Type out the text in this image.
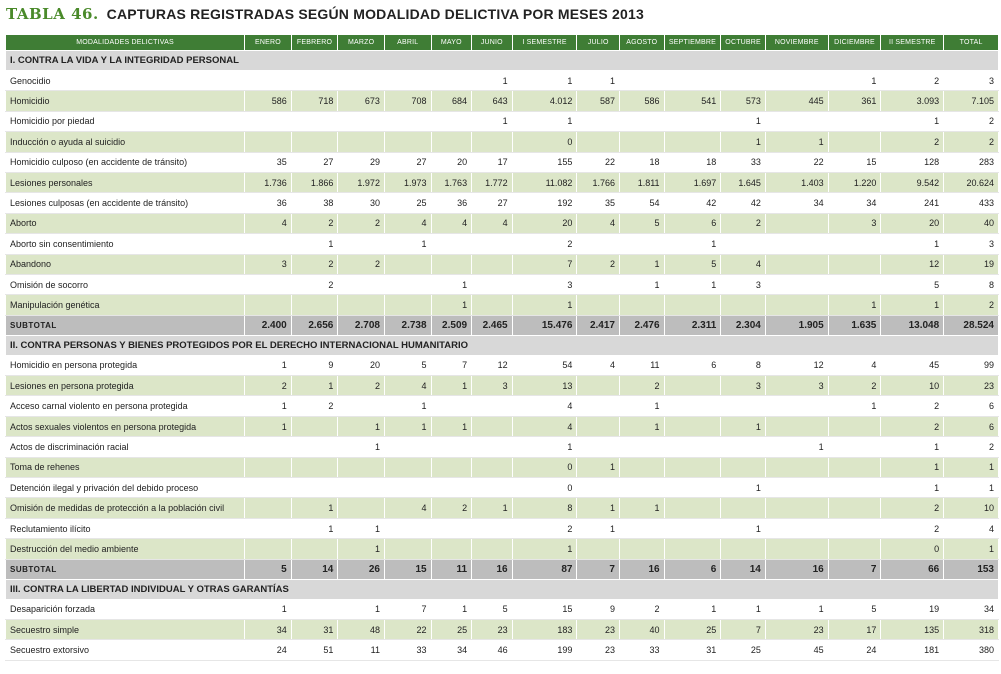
TABLA 46. CAPTURAS REGISTRADAS SEGÚN MODALIDAD DELICTIVA POR MESES 2013
MODALIDADES DELICTIVAS	ENERO	FEBRERO	MARZO	ABRIL	MAYO	JUNIO	I SEMESTRE	JULIO	AGOSTO	SEPTIEMBRE	OCTUBRE	NOVIEMBRE	DICIEMBRE	II SEMESTRE	TOTAL
I. CONTRA LA VIDA Y LA INTEGRIDAD PERSONAL															
Genocidio						1	1	1					1	2	3
Homicidio	586	718	673	708	684	643	4.012	587	586	541	573	445	361	3.093	7.105
Homicidio por piedad						1	1				1			1	2
Inducción o ayuda al suicidio							0				1	1		2	2
Homicidio culposo (en accidente de tránsito)	35	27	29	27	20	17	155	22	18	18	33	22	15	128	283
Lesiones personales	1.736	1.866	1.972	1.973	1.763	1.772	11.082	1.766	1.811	1.697	1.645	1.403	1.220	9.542	20.624
Lesiones culposas (en accidente de tránsito)	36	38	30	25	36	27	192	35	54	42	42	34	34	241	433
Aborto	4	2	2	4	4	4	20	4	5	6	2		3	20	40
Aborto sin consentimiento		1		1			2			1				1	3
Abandono	3	2	2				7	2	1	5	4			12	19
Omisión de socorro		2			1		3		1	1	3			5	8
Manipulación genética					1		1						1	1	2
SUBTOTAL	2.400	2.656	2.708	2.738	2.509	2.465	15.476	2.417	2.476	2.311	2.304	1.905	1.635	13.048	28.524
II. CONTRA PERSONAS Y BIENES PROTEGIDOS POR EL DERECHO INTERNACIONAL HUMANITARIO															
Homicidio en persona protegida	1	9	20	5	7	12	54	4	11	6	8	12	4	45	99
Lesiones en persona protegida	2	1	2	4	1	3	13		2		3	3	2	10	23
Acceso carnal violento en persona protegida	1	2		1			4		1				1	2	6
Actos sexuales violentos en persona protegida	1		1	1	1		4		1		1			2	6
Actos de discriminación racial			1				1					1		1	2
Toma de rehenes							0	1						1	1
Detención ilegal y privación del debido proceso							0				1			1	1
Omisión de medidas de protección a la población civil		1		4	2	1	8	1	1					2	10
Reclutamiento ilícito		1	1				2	1			1			2	4
Destrucción del medio ambiente			1				1							0	1
SUBTOTAL	5	14	26	15	11	16	87	7	16	6	14	16	7	66	153
III. CONTRA LA LIBERTAD INDIVIDUAL Y OTRAS GARANTÍAS															
Desaparición forzada	1		1	7	1	5	15	9	2	1	1	1	5	19	34
Secuestro simple	34	31	48	22	25	23	183	23	40	25	7	23	17	135	318
Secuestro extorsivo	24	51	11	33	34	46	199	23	33	31	25	45	24	181	380
